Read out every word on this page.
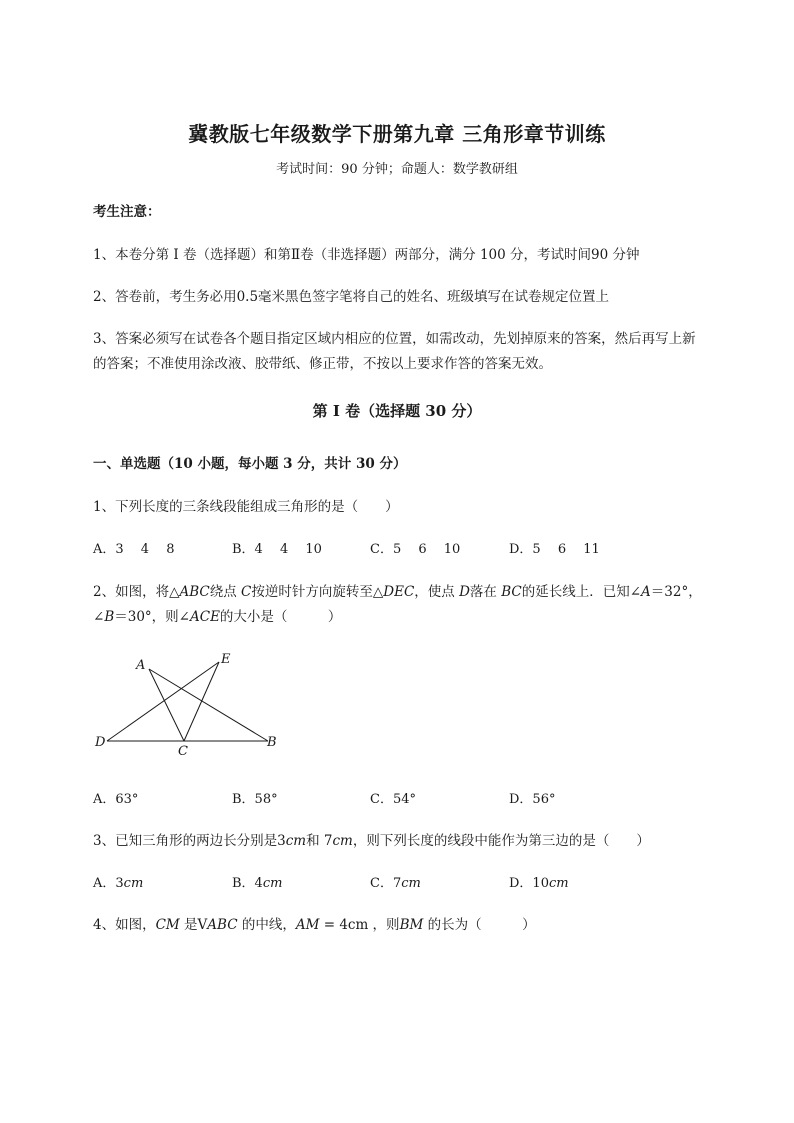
冀教版七年级数学下册第九章 三角形章节训练
考试时间：90 分钟；命题人：数学教研组
考生注意：
1、本卷分第 I 卷（选择题）和第Ⅱ卷（非选择题）两部分，满分 100 分，考试时间90 分钟
2、答卷前，考生务必用0.5毫米黑色签字笔将自己的姓名、班级填写在试卷规定位置上
3、答案必须写在试卷各个题目指定区域内相应的位置，如需改动，先划掉原来的答案，然后再写上新
的答案；不准使用涂改液、胶带纸、修正带，不按以上要求作答的答案无效。
第 I 卷（选择题 30 分）
一、单选题（10 小题，每小题 3 分，共计 30 分）
1、下列长度的三条线段能组成三角形的是（　　）
A．3　 4　 8	B．4　 4　 10	C．5　 6　 10	D．5　 6　 11
2、如图，将△ABC绕点 C按逆时针方向旋转至△DEC，使点 D落在 BC的延长线上．已知∠A＝32°，
∠B＝30°，则∠ACE的大小是（　　　）
A	E
D
C
B
A．63°	B．58°	C．54°	D．56°
3、已知三角形的两边长分别是3cm和 7cm，则下列长度的线段中能作为第三边的是（　　）
A．3cm	B．4cm	C．7cm	D．10cm
4、如图，CM 是VABC 的中线，AM = 4cm ，则BM 的长为（　　　）
